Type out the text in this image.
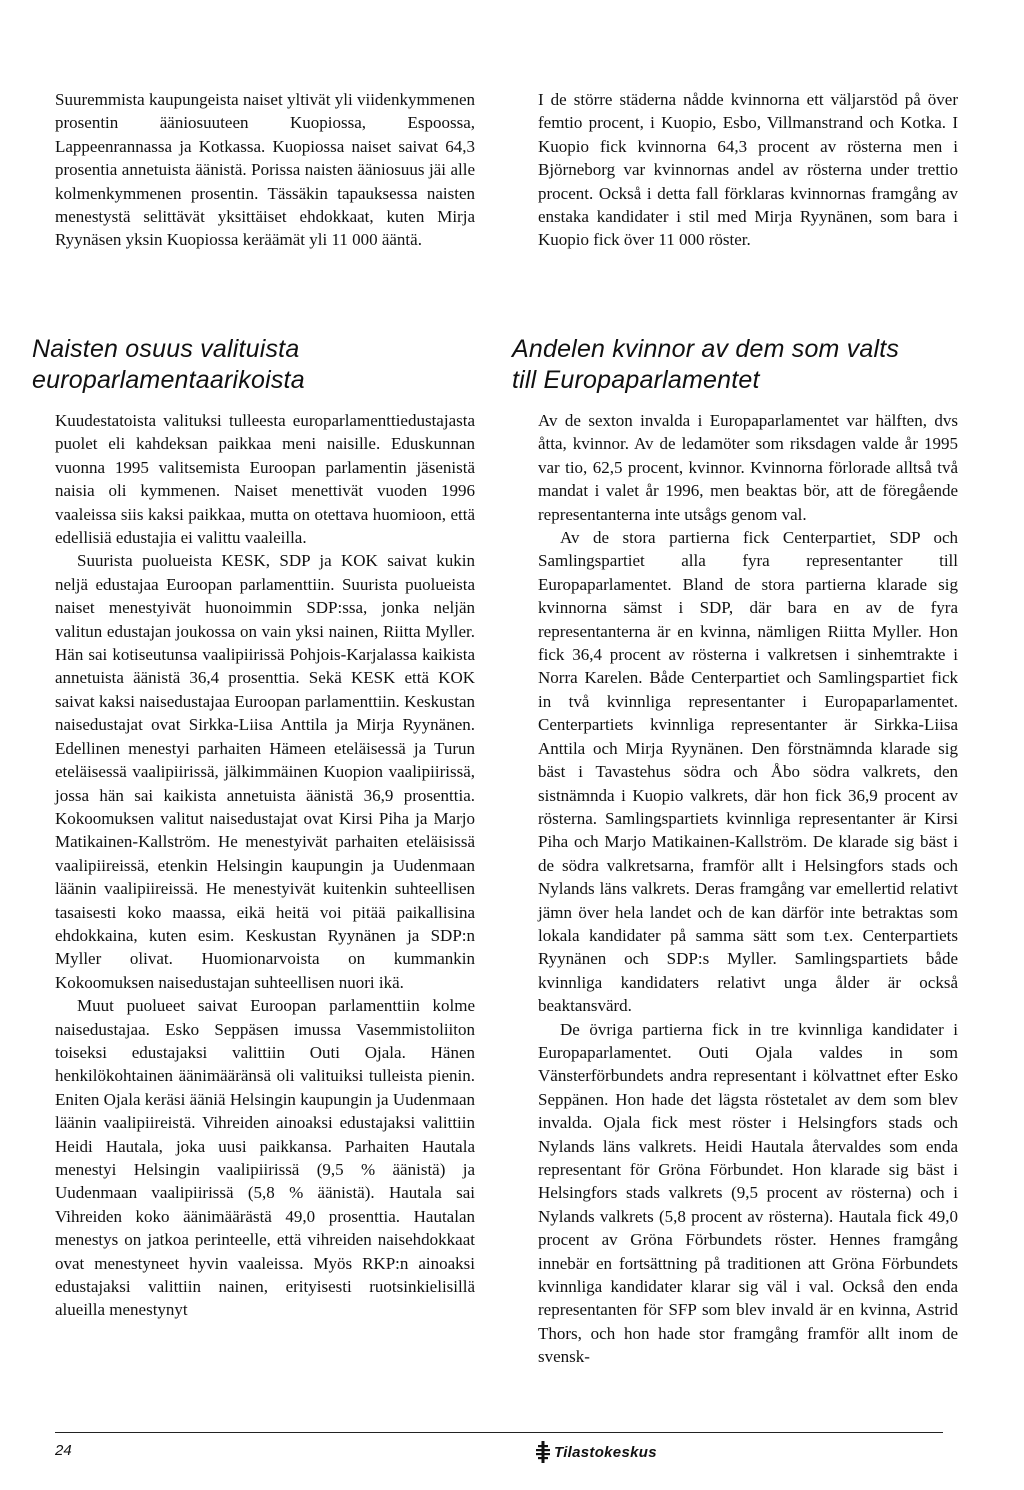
Suuremmista kaupungeista naiset yltivät yli viidenkymmenen prosentin ääniosuuteen Kuopiossa, Espoossa, Lappeenrannassa ja Kotkassa. Kuopiossa naiset saivat 64,3 prosentia annetuista äänistä. Porissa naisten ääniosuus jäi alle kolmenkymmenen prosentin. Tässäkin tapauksessa naisten menestystä selittävät yksittäiset ehdokkaat, kuten Mirja Ryynäsen yksin Kuopiossa keräämät yli 11 000 ääntä.

I de större städerna nådde kvinnorna ett väljarstöd på över femtio procent, i Kuopio, Esbo, Villmanstrand och Kotka. I Kuopio fick kvinnorna 64,3 procent av rösterna men i Björneborg var kvinnornas andel av rösterna under trettio procent. Också i detta fall förklaras kvinnornas framgång av enstaka kandidater i stil med Mirja Ryynänen, som bara i Kuopio fick över 11 000 röster.

Naisten osuus valituista
europarlamentaarikoista
Andelen kvinnor av dem som valts
till Europaparlamentet

Kuudestatoista valituksi tulleesta europarlamenttiedustajasta puolet eli kahdeksan paikkaa meni naisille. Eduskunnan vuonna 1995 valitsemista Euroopan parlamentin jäsenistä naisia oli kymmenen. Naiset menettivät vuoden 1996 vaaleissa siis kaksi paikkaa, mutta on otettava huomioon, että edellisiä edustajia ei valittu vaaleilla.

Suurista puolueista KESK, SDP ja KOK saivat kukin neljä edustajaa Euroopan parlamenttiin. Suurista puolueista naiset menestyivät huonoimmin SDP:ssa, jonka neljän valitun edustajan joukossa on vain yksi nainen, Riitta Myller. Hän sai kotiseutunsa vaalipiirissä Pohjois-Karjalassa kaikista annetuista äänistä 36,4 prosenttia. Sekä KESK että KOK saivat kaksi naisedustajaa Euroopan parlamenttiin. Keskustan naisedustajat ovat Sirkka-Liisa Anttila ja Mirja Ryynänen. Edellinen menestyi parhaiten Hämeen eteläisessä ja Turun eteläisessä vaalipiirissä, jälkimmäinen Kuopion vaalipiirissä, jossa hän sai kaikista annetuista äänistä 36,9 prosenttia. Kokoomuksen valitut naisedustajat ovat Kirsi Piha ja Marjo Matikainen-Kallström. He menestyivät parhaiten eteläisissä vaalipiireissä, etenkin Helsingin kaupungin ja Uudenmaan läänin vaalipiireissä. He menestyivät kuitenkin suhteellisen tasaisesti koko maassa, eikä heitä voi pitää paikallisina ehdokkaina, kuten esim. Keskustan Ryynänen ja SDP:n Myller olivat. Huomionarvoista on kummankin Kokoomuksen naisedustajan suhteellisen nuori ikä.

Muut puolueet saivat Euroopan parlamenttiin kolme naisedustajaa. Esko Seppäsen imussa Vasemmistoliiton toiseksi edustajaksi valittiin Outi Ojala. Hänen henkilökohtainen äänimääränsä oli valituiksi tulleista pienin. Eniten Ojala keräsi ääniä Helsingin kaupungin ja Uudenmaan läänin vaalipiireistä. Vihreiden ainoaksi edustajaksi valittiin Heidi Hautala, joka uusi paikkansa. Parhaiten Hautala menestyi Helsingin vaalipiirissä (9,5 % äänistä) ja Uudenmaan vaalipiirissä (5,8 % äänistä). Hautala sai Vihreiden koko äänimäärästä 49,0 prosenttia. Hautalan menestys on jatkoa perinteelle, että vihreiden naisehdokkaat ovat menestyneet hyvin vaaleissa. Myös RKP:n ainoaksi edustajaksi valittiin nainen, erityisesti ruotsinkielisillä alueilla menestynyt

Av de sexton invalda i Europaparlamentet var hälften, dvs åtta, kvinnor. Av de ledamöter som riksdagen valde år 1995 var tio, 62,5 procent, kvinnor. Kvinnorna förlorade alltså två mandat i valet år 1996, men beaktas bör, att de föregående representanterna inte utsågs genom val.

Av de stora partierna fick Centerpartiet, SDP och Samlingspartiet alla fyra representanter till Europaparlamentet. Bland de stora partierna klarade sig kvinnorna sämst i SDP, där bara en av de fyra representanterna är en kvinna, nämligen Riitta Myller. Hon fick 36,4 procent av rösterna i valkretsen i sinhemtrakte i Norra Karelen. Både Centerpartiet och Samlingspartiet fick in två kvinnliga representanter i Europaparlamentet. Centerpartiets kvinnliga representanter är Sirkka-Liisa Anttila och Mirja Ryynänen. Den förstnämnda klarade sig bäst i Tavastehus södra och Åbo södra valkrets, den sistnämnda i Kuopio valkrets, där hon fick 36,9 procent av rösterna. Samlingspartiets kvinnliga representanter är Kirsi Piha och Marjo Matikainen-Kallström. De klarade sig bäst i de södra valkretsarna, framför allt i Helsingfors stads och Nylands läns valkrets. Deras framgång var emellertid relativt jämn över hela landet och de kan därför inte betraktas som lokala kandidater på samma sätt som t.ex. Centerpartiets Ryynänen och SDP:s Myller. Samlingspartiets både kvinnliga kandidaters relativt unga ålder är också beaktansvärd.

De övriga partierna fick in tre kvinnliga kandidater i Europaparlamentet. Outi Ojala valdes in som Vänsterförbundets andra representant i kölvattnet efter Esko Seppänen. Hon hade det lägsta röstetalet av dem som blev invalda. Ojala fick mest röster i Helsingfors stads och Nylands läns valkrets. Heidi Hautala återvaldes som enda representant för Gröna Förbundet. Hon klarade sig bäst i Helsingfors stads valkrets (9,5 procent av rösterna) och i Nylands valkrets (5,8 procent av rösterna). Hautala fick 49,0 procent av Gröna Förbundets röster. Hennes framgång innebär en fortsättning på traditionen att Gröna Förbundets kvinnliga kandidater klarar sig väl i val. Också den enda representanten för SFP som blev invald är en kvinna, Astrid Thors, och hon hade stor framgång framför allt inom de svensk-

24	Tilastokeskus
